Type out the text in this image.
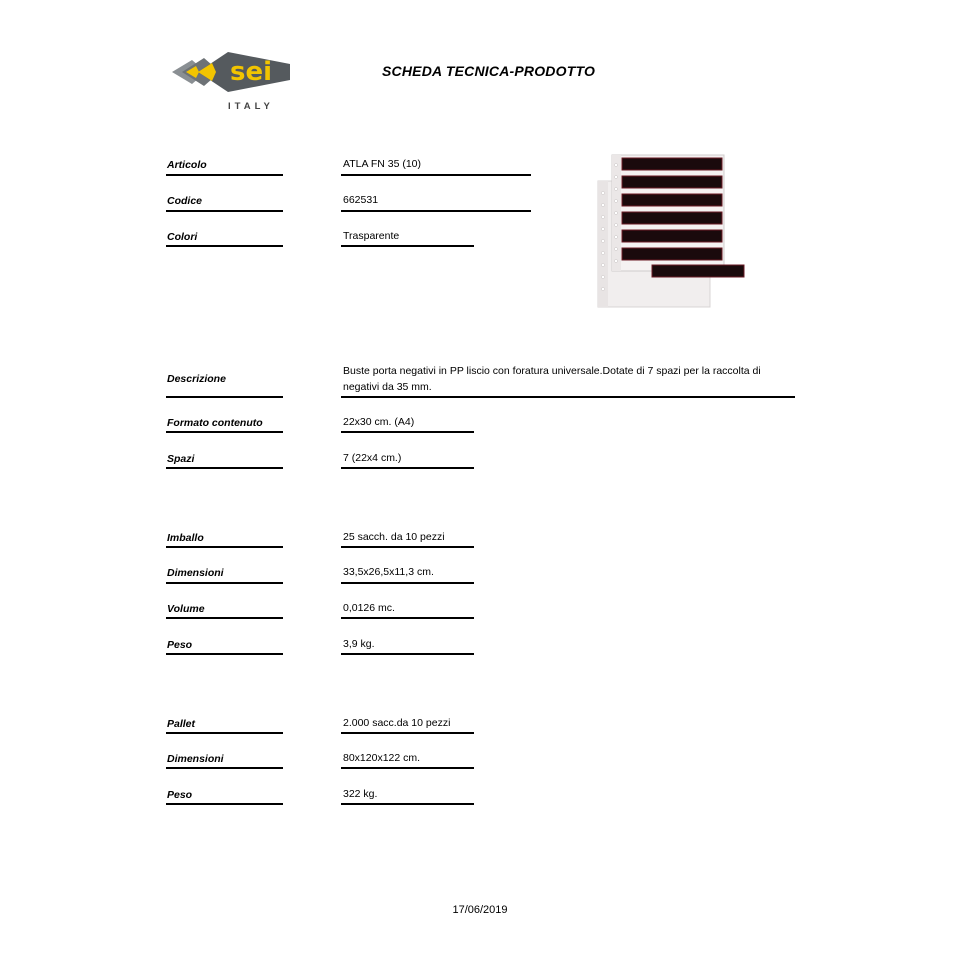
sei
ITALY
SCHEDA TECNICA-PRODOTTO
Articolo	ATLA FN 35 (10)
Codice	662531
Colori	Trasparente
Descrizione
Buste porta negativi in PP liscio con foratura universale.Dotate di 7 spazi per la raccolta di negativi da 35 mm.
Formato contenuto	22x30 cm. (A4)
Spazi	7 (22x4 cm.)
Imballo	25 sacch. da 10 pezzi
Dimensioni	33,5x26,5x11,3 cm.
Volume	0,0126 mc.
Peso	3,9 kg.
Pallet	2.000 sacc.da 10 pezzi
Dimensioni	80x120x122 cm.
Peso	322 kg.
17/06/2019
